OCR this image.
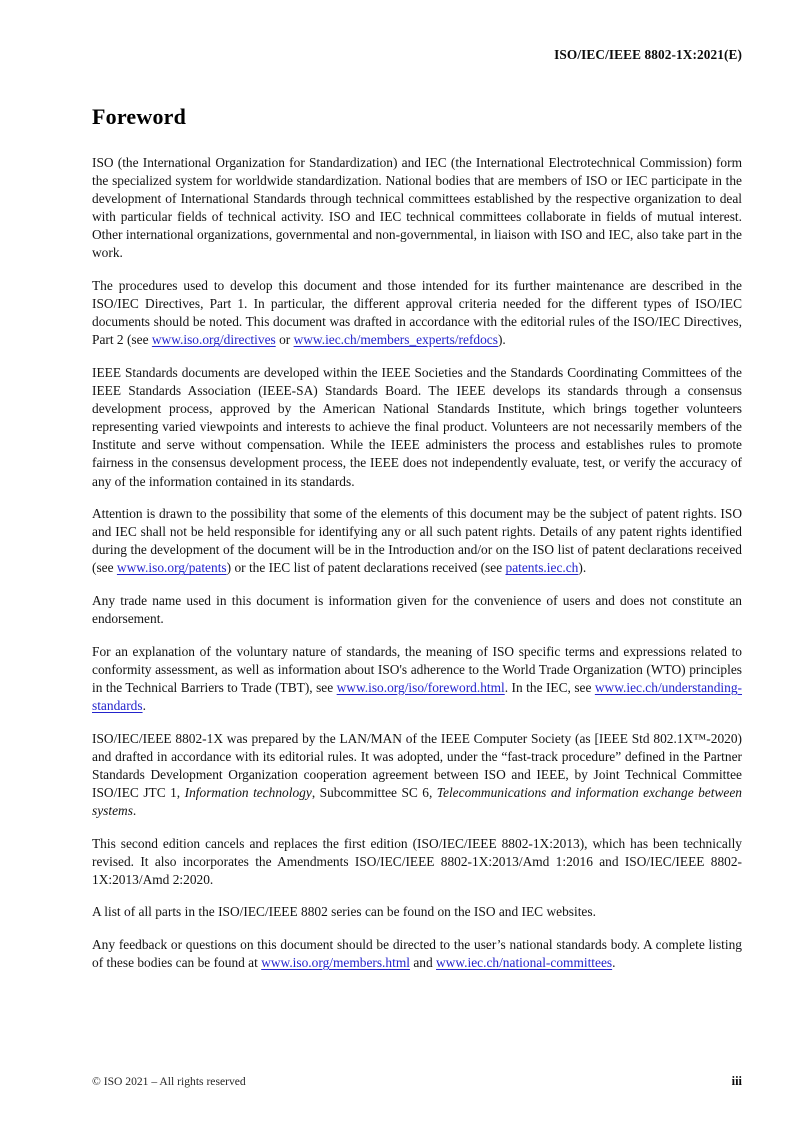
ISO/IEC/IEEE 8802-1X:2021(E)
Foreword

ISO (the International Organization for Standardization) and IEC (the International Electrotechnical Commission) form the specialized system for worldwide standardization. National bodies that are members of ISO or IEC participate in the development of International Standards through technical committees established by the respective organization to deal with particular fields of technical activity. ISO and IEC technical committees collaborate in fields of mutual interest. Other international organizations, governmental and non-governmental, in liaison with ISO and IEC, also take part in the work.

The procedures used to develop this document and those intended for its further maintenance are described in the ISO/IEC Directives, Part 1. In particular, the different approval criteria needed for the different types of ISO/IEC documents should be noted. This document was drafted in accordance with the editorial rules of the ISO/IEC Directives, Part 2 (see www.iso.org/directives or www.iec.ch/members_experts/refdocs).

IEEE Standards documents are developed within the IEEE Societies and the Standards Coordinating Committees of the IEEE Standards Association (IEEE-SA) Standards Board. The IEEE develops its standards through a consensus development process, approved by the American National Standards Institute, which brings together volunteers representing varied viewpoints and interests to achieve the final product. Volunteers are not necessarily members of the Institute and serve without compensation. While the IEEE administers the process and establishes rules to promote fairness in the consensus development process, the IEEE does not independently evaluate, test, or verify the accuracy of any of the information contained in its standards.

Attention is drawn to the possibility that some of the elements of this document may be the subject of patent rights. ISO and IEC shall not be held responsible for identifying any or all such patent rights. Details of any patent rights identified during the development of the document will be in the Introduction and/or on the ISO list of patent declarations received (see www.iso.org/patents) or the IEC list of patent declarations received (see patents.iec.ch).

Any trade name used in this document is information given for the convenience of users and does not constitute an endorsement.

For an explanation of the voluntary nature of standards, the meaning of ISO specific terms and expressions related to conformity assessment, as well as information about ISO's adherence to the World Trade Organization (WTO) principles in the Technical Barriers to Trade (TBT), see www.iso.org/iso/foreword.html. In the IEC, see www.iec.ch/understanding-standards.

ISO/IEC/IEEE 8802-1X was prepared by the LAN/MAN of the IEEE Computer Society (as [IEEE Std 802.1X™-2020) and drafted in accordance with its editorial rules. It was adopted, under the “fast-track procedure” defined in the Partner Standards Development Organization cooperation agreement between ISO and IEEE, by Joint Technical Committee ISO/IEC JTC 1, Information technology, Subcommittee SC 6, Telecommunications and information exchange between systems.

This second edition cancels and replaces the first edition (ISO/IEC/IEEE 8802-1X:2013), which has been technically revised. It also incorporates the Amendments ISO/IEC/IEEE 8802-1X:2013/Amd 1:2016 and ISO/IEC/IEEE 8802-1X:2013/Amd 2:2020.

A list of all parts in the ISO/IEC/IEEE 8802 series can be found on the ISO and IEC websites.

Any feedback or questions on this document should be directed to the user’s national standards body. A complete listing of these bodies can be found at www.iso.org/members.html and www.iec.ch/national-committees.

© ISO 2021 – All rights reserved	iii
